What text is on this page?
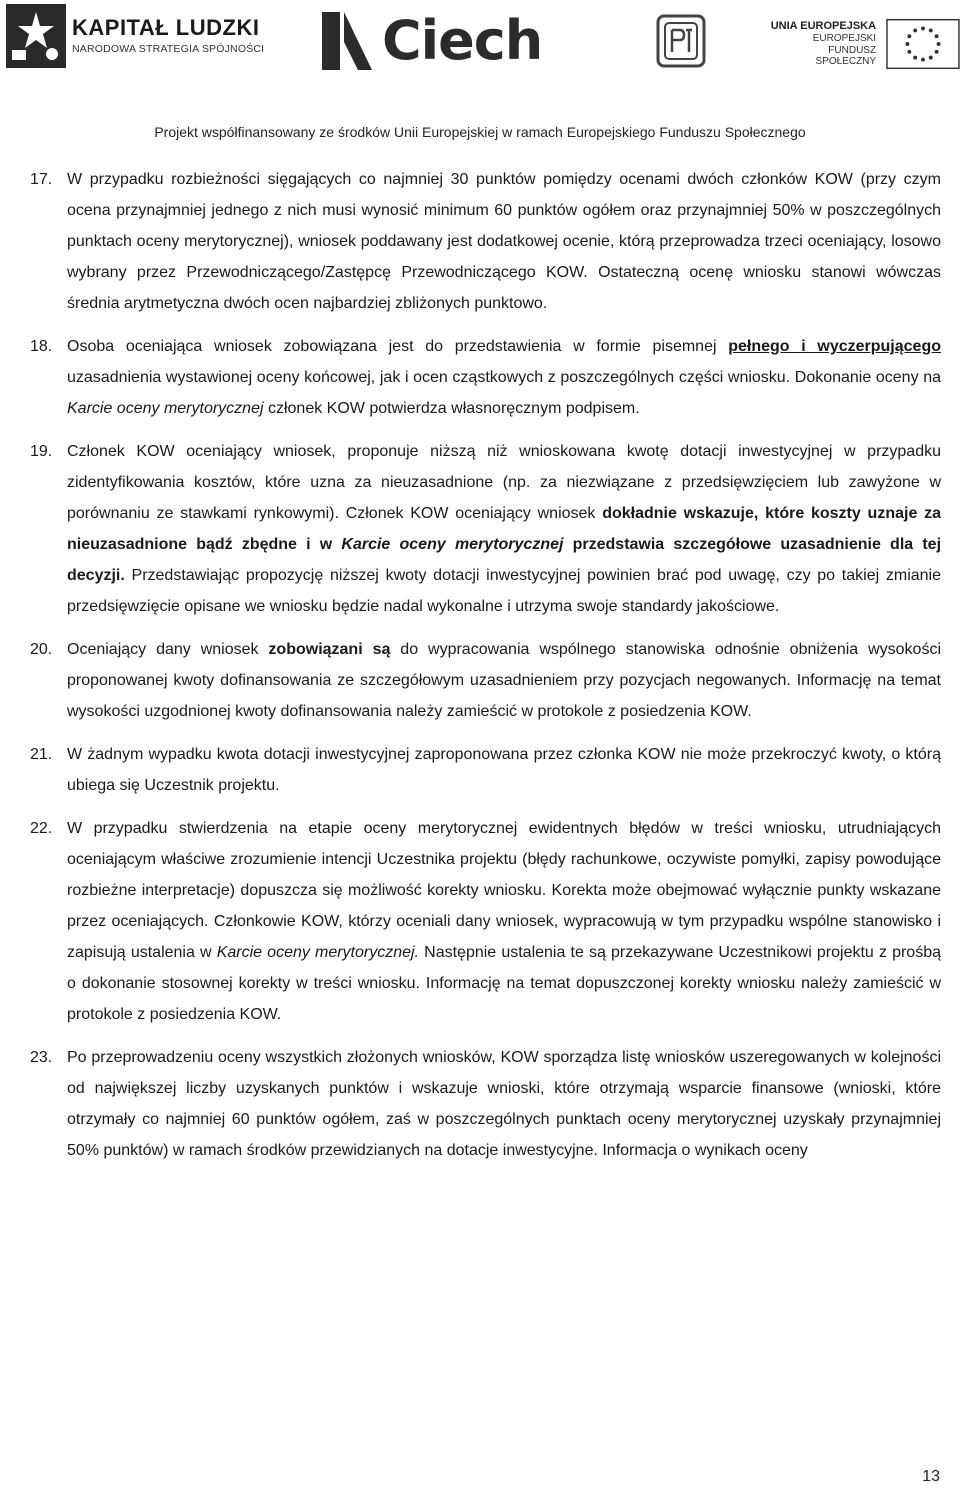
KAPITAŁ LUDZKI
NARODOWA STRATEGIA SPÓJNOŚCI Ciech	UNIA EUROPEJSKA
EUROPEJSKI
FUNDUSZ SPOŁECZNY
Projekt współfinansowany ze środków Unii Europejskiej w ramach Europejskiego Funduszu Społecznego
17. W przypadku rozbieżności sięgających co najmniej 30 punktów pomiędzy ocenami dwóch członków KOW (przy czym ocena przynajmniej jednego z nich musi wynosić minimum 60 punktów ogółem oraz przynajmniej 50% w poszczególnych punktach oceny merytorycznej), wniosek poddawany jest dodatkowej ocenie, którą przeprowadza trzeci oceniający, losowo wybrany przez Przewodniczącego/Zastępcę Przewodniczącego KOW. Ostateczną ocenę wniosku stanowi wówczas średnia arytmetyczna dwóch ocen najbardziej zbliżonych punktowo.
18. Osoba oceniająca wniosek zobowiązana jest do przedstawienia w formie pisemnej pełnego i wyczerpującego uzasadnienia wystawionej oceny końcowej, jak i ocen cząstkowych z poszczególnych części wniosku. Dokonanie oceny na Karcie oceny merytorycznej członek KOW potwierdza własnoręcznym podpisem.
19. Członek KOW oceniający wniosek, proponuje niższą niż wnioskowana kwotę dotacji inwestycyjnej w przypadku zidentyfikowania kosztów, które uzna za nieuzasadnione (np. za niezwiązane z przedsięwzięciem lub zawyżone w porównaniu ze stawkami rynkowymi). Członek KOW oceniający wniosek dokładnie wskazuje, które koszty uznaje za nieuzasadnione bądź zbędne i w Karcie oceny merytorycznej przedstawia szczegółowe uzasadnienie dla tej decyzji. Przedstawiając propozycję niższej kwoty dotacji inwestycyjnej powinien brać pod uwagę, czy po takiej zmianie przedsięwzięcie opisane we wniosku będzie nadal wykonalne i utrzyma swoje standardy jakościowe.
20. Oceniający dany wniosek zobowiązani są do wypracowania wspólnego stanowiska odnośnie obniżenia wysokości proponowanej kwoty dofinansowania ze szczegółowym uzasadnieniem przy pozycjach negowanych. Informację na temat wysokości uzgodnionej kwoty dofinansowania należy zamieścić w protokole z posiedzenia KOW.
21. W żadnym wypadku kwota dotacji inwestycyjnej zaproponowana przez członka KOW nie może przekroczyć kwoty, o którą ubiega się Uczestnik projektu.
22. W przypadku stwierdzenia na etapie oceny merytorycznej ewidentnych błędów w treści wniosku, utrudniających oceniającym właściwe zrozumienie intencji Uczestnika projektu (błędy rachunkowe, oczywiste pomyłki, zapisy powodujące rozbieżne interpretacje) dopuszcza się możliwość korekty wniosku. Korekta może obejmować wyłącznie punkty wskazane przez oceniających. Członkowie KOW, którzy oceniali dany wniosek, wypracowują w tym przypadku wspólne stanowisko i zapisują ustalenia w Karcie oceny merytorycznej. Następnie ustalenia te są przekazywane Uczestnikowi projektu z prośbą o dokonanie stosownej korekty w treści wniosku. Informację na temat dopuszczonej korekty wniosku należy zamieścić w protokole z posiedzenia KOW.
23. Po przeprowadzeniu oceny wszystkich złożonych wniosków, KOW sporządza listę wniosków uszeregowanych w kolejności od największej liczby uzyskanych punktów i wskazuje wnioski, które otrzymają wsparcie finansowe (wnioski, które otrzymały co najmniej 60 punktów ogółem, zaś w poszczególnych punktach oceny merytorycznej uzyskały przynajmniej 50% punktów) w ramach środków przewidzianych na dotacje inwestycyjne. Informacja o wynikach oceny
13
